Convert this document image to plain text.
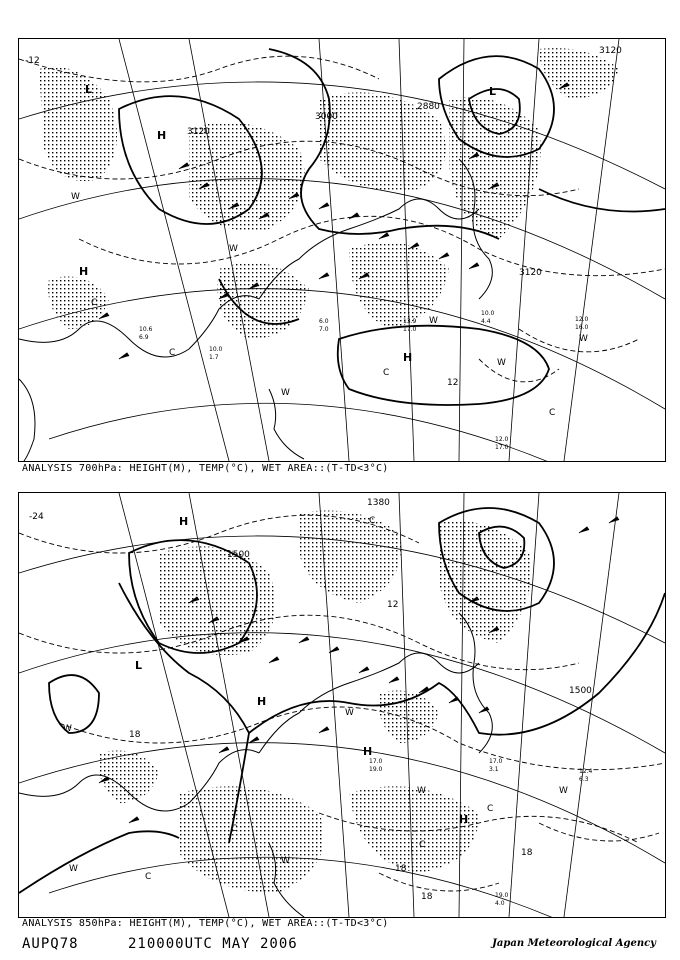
3120
3000
2880
3120
3120
-12
12
H
H
L	L
H
W
W
W
W
W
W
C
C
C
C
10.0
4.4	12.0
16.0
10.0
1.7
12.0
17.0
10.6
6.9
13.9
17.0
6.0
7.0
ANALYSIS 700hPa: HEIGHT(M), TEMP(°C), WET AREA::(T-TD<3°C)
1380
1500
1500
-24
18
18
18
18
12
H
H
H
H
L
W
W
W
W
W
W
C
C
C
C
C
17.0
3.1	12.4
6.3
19.0
4.0
17.0
19.0
ANALYSIS 850hPa: HEIGHT(M), TEMP(°C), WET AREA::(T-TD<3°C)
AUPQ78	210000UTC MAY 2006	Japan Meteorological Agency
